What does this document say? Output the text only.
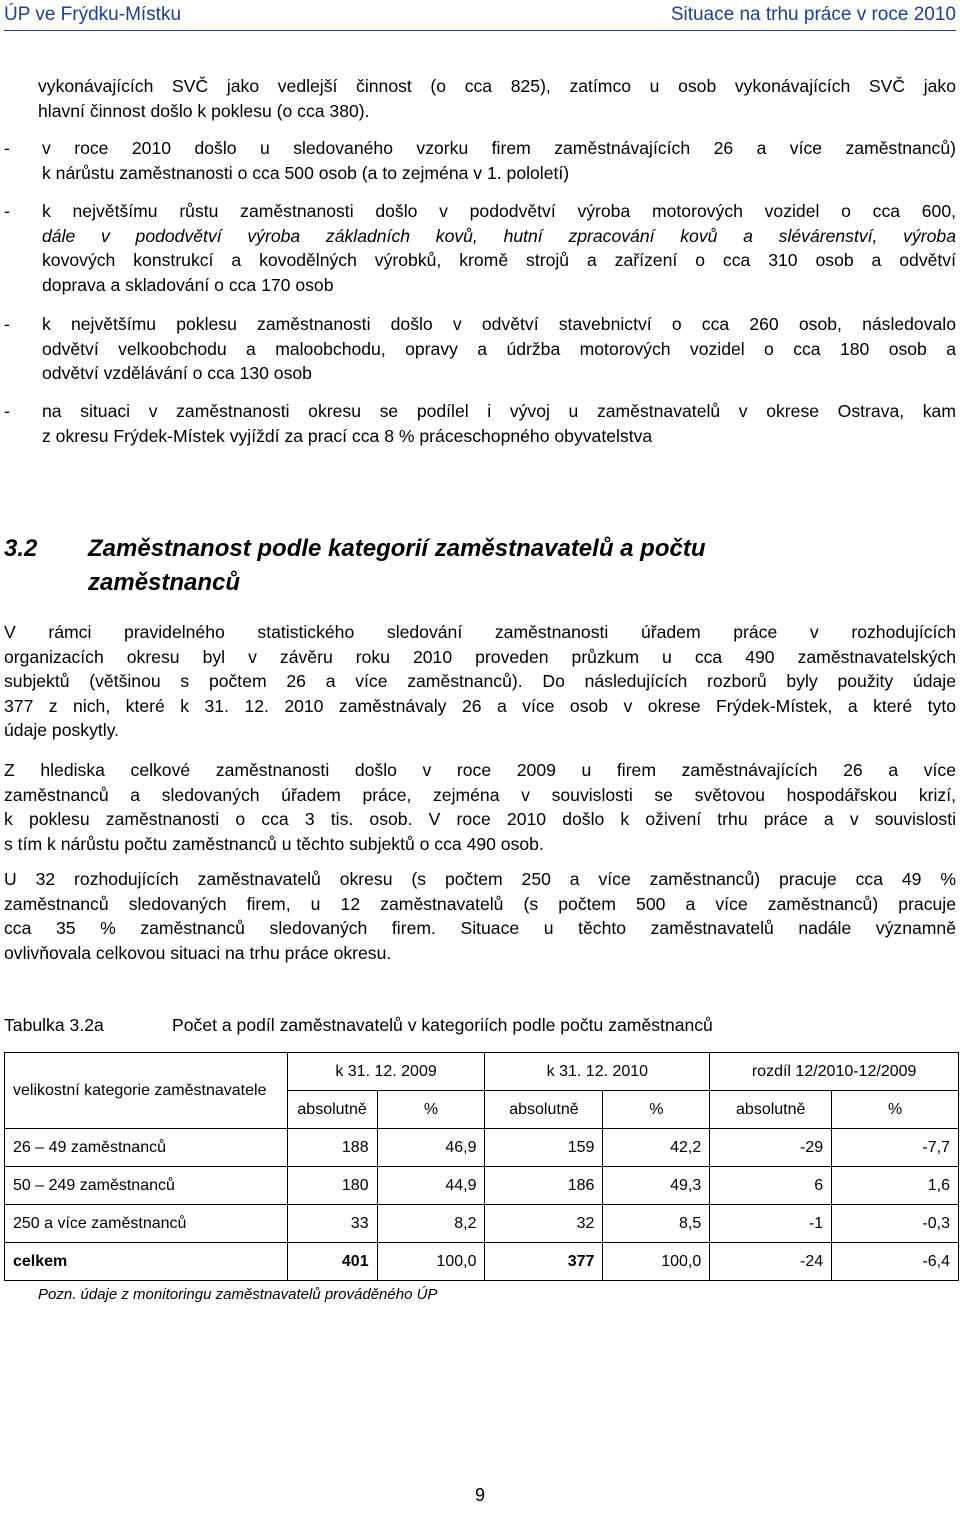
ÚP ve Frýdku-Místku	Situace na trhu práce v roce 2010
vykonávajících SVČ jako vedlejší činnost (o cca 825), zatímco u osob vykonávajících SVČ jako
hlavní činnost došlo k poklesu (o cca 380).
-	v roce 2010 došlo u sledovaného vzorku firem zaměstnávajících 26 a více zaměstnanců)
k nárůstu zaměstnanosti o cca 500 osob (a to zejména v 1. pololetí)
-	k největšímu růstu zaměstnanosti došlo v pododvětví výroba motorových vozidel o cca 600,
dále v pododvětví výroba základních kovů, hutní zpracování kovů a slévárenství, výroba
kovových konstrukcí a kovodělných výrobků, kromě strojů a zařízení o cca 310 osob a odvětví
doprava a skladování o cca 170 osob
-	k největšímu poklesu zaměstnanosti došlo v odvětví stavebnictví o cca 260 osob, následovalo
odvětví velkoobchodu a maloobchodu, opravy a údržba motorových vozidel o cca 180 osob a
odvětví vzdělávání o cca 130 osob
-	na situaci v zaměstnanosti okresu se podílel i vývoj u zaměstnavatelů v okrese Ostrava, kam
z okresu Frýdek-Místek vyjíždí za prací cca 8 % práceschopného obyvatelstva
3.2 Zaměstnanost podle kategorií zaměstnavatelů a počtu zaměstnanců
V rámci pravidelného statistického sledování zaměstnanosti úřadem práce v rozhodujících
organizacích okresu byl v závěru roku 2010 proveden průzkum u cca 490 zaměstnavatelských
subjektů (většinou s počtem 26 a více zaměstnanců). Do následujících rozborů byly použity údaje
377 z nich, které k 31. 12. 2010 zaměstnávaly 26 a více osob v okrese Frýdek-Místek, a které tyto
údaje poskytly.
Z hlediska celkové zaměstnanosti došlo v roce 2009 u firem zaměstnávajících 26 a více
zaměstnanců a sledovaných úřadem práce, zejména v souvislosti se světovou hospodářskou krizí,
k poklesu zaměstnanosti o cca 3 tis. osob. V roce 2010 došlo k oživení trhu práce a v souvislosti
s tím k nárůstu počtu zaměstnanců u těchto subjektů o cca 490 osob.
U 32 rozhodujících zaměstnavatelů okresu (s počtem 250 a více zaměstnanců) pracuje cca 49 %
zaměstnanců sledovaných firem, u 12 zaměstnavatelů (s počtem 500 a více zaměstnanců) pracuje
cca 35 % zaměstnanců sledovaných firem. Situace u těchto zaměstnavatelů nadále významně
ovlivňovala celkovou situaci na trhu práce okresu.
Tabulka 3.2a	Počet a podíl zaměstnavatelů v kategoriích podle počtu zaměstnanců
velikostní kategorie zaměstnavatele	k 31. 12. 2009		k 31. 12. 2010		rozdíl 12/2010-12/2009	
	absolutně	%	absolutně	%	absolutně	%
26 – 49 zaměstnanců	188	46,9	159	42,2	-29	-7,7
50 – 249 zaměstnanců	180	44,9	186	49,3	6	1,6
250 a více zaměstnanců	33	8,2	32	8,5	-1	-0,3
celkem	401	100,0	377	100,0	-24	-6,4
Pozn. údaje z monitoringu zaměstnavatelů prováděného ÚP
9
